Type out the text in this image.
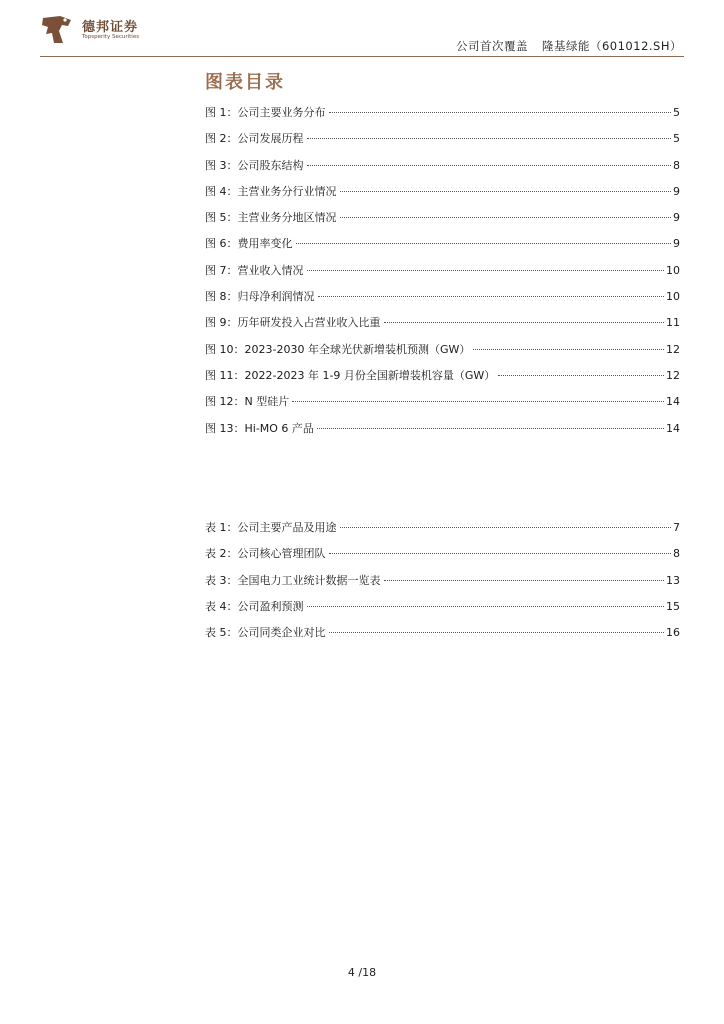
德邦证券
Topsperity Securities
公司首次覆盖 隆基绿能（601012.SH）
图表目录
图 1：公司主要业务分布	5
图 2：公司发展历程	5
图 3：公司股东结构	8
图 4：主营业务分行业情况	9
图 5：主营业务分地区情况	9
图 6：费用率变化	9
图 7：营业收入情况	10
图 8：归母净利润情况	10
图 9：历年研发投入占营业收入比重	11
图 10：2023-2030 年全球光伏新增装机预测（GW）	12
图 11：2022-2023 年 1-9 月份全国新增装机容量（GW）	12
图 12：N 型硅片	14
图 13：Hi-MO 6 产品	14
表 1：公司主要产品及用途	7
表 2：公司核心管理团队	8
表 3：全国电力工业统计数据一览表	13
表 4：公司盈利预测	15
表 5：公司同类企业对比	16
4 /18
